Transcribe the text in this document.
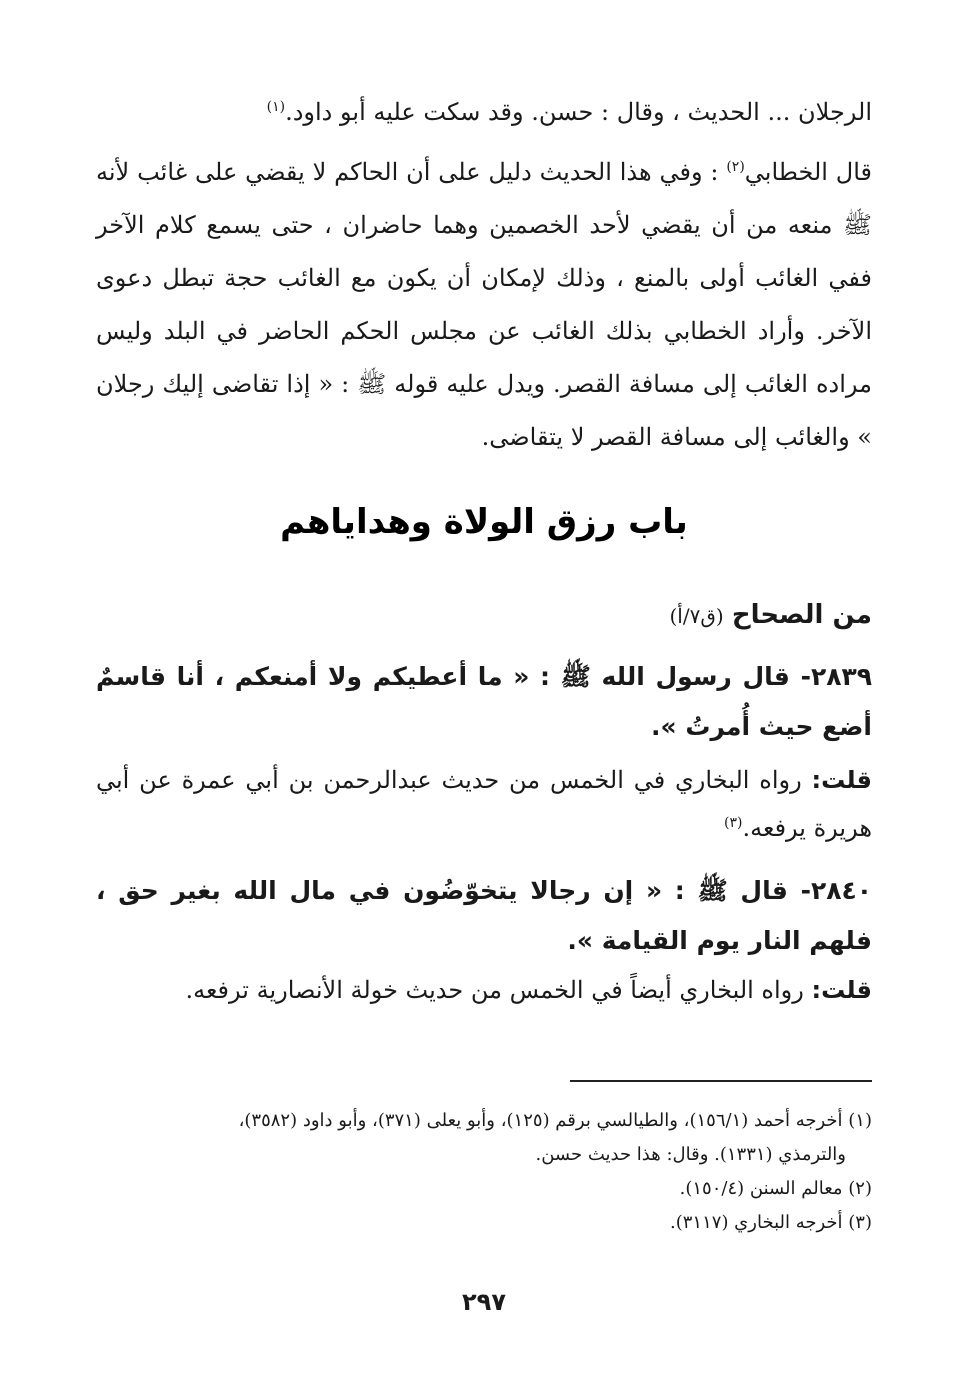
الرجلان ... الحديث ، وقال : حسن. وقد سكت عليه أبو داود.$^{(١)}$
قال الخطابي$^{(٢)}$ : وفي هذا الحديث دليل على أن الحاكم لا يقضي على غائب لأنه ﷺ منعه من أن يقضي لأحد الخصمين وهما حاضران ، حتى يسمع كلام الآخر ففي الغائب أولى بالمنع ، وذلك لإمكان أن يكون مع الغائب حجة تبطل دعوى الآخر. وأراد الخطابي بذلك الغائب عن مجلس الحكم الحاضر في البلد وليس مراده الغائب إلى مسافة القصر. ويدل عليه قوله ﷺ : « إذا تقاضى إليك رجلان » والغائب إلى مسافة القصر لا يتقاضى.
باب رزق الولاة وهداياهم
من الصحاح (ق٧/أ)
٢٨٣٩- قال رسول الله ﷺ : « ما أعطيكم ولا أمنعكم ، أنا قاسمٌ أضع حيث أُمرتُ ».
قلت: رواه البخاري في الخمس من حديث عبدالرحمن بن أبي عمرة عن أبي هريرة يرفعه.$^{(٣)}$
٢٨٤٠- قال ﷺ : « إن رجالا يتخوّضُون في مال الله بغير حق ، فلهم النار يوم القيامة ».
قلت: رواه البخاري أيضاً في الخمس من حديث خولة الأنصارية ترفعه.
(١) أخرجه أحمد (١٥٦/١)، والطيالسي برقم (١٢٥)، وأبو يعلى (٣٧١)، وأبو داود (٣٥٨٢)،
والترمذي (١٣٣١). وقال: هذا حديث حسن.
(٢) معالم السنن (١٥٠/٤).
(٣) أخرجه البخاري (٣١١٧).
٢٩٧
